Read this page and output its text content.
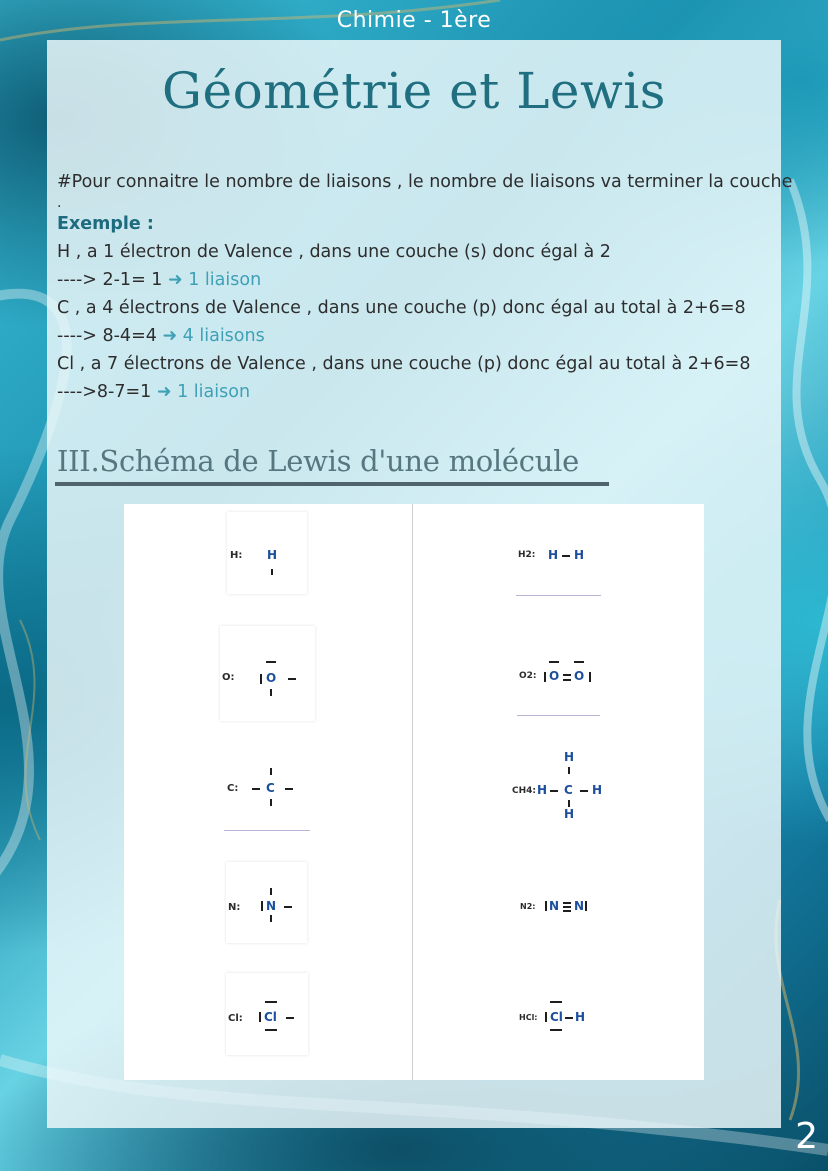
Chimie - 1ère
Géométrie et Lewis
#Pour connaitre le nombre de liaisons , le nombre de liaisons va terminer la couche
.
Exemple :
H , a 1 électron de Valence , dans une couche (s) donc égal à 2
----> 2-1= 1 ➜ 1 liaison
C , a 4 électrons de Valence , dans une couche (p) donc égal au total à 2+6=8
----> 8-4=4 ➜ 4 liaisons
Cl , a 7 électrons de Valence , dans une couche (p) donc égal au total à 2+6=8
---->8-7=1 ➜ 1 liaison
III.Schéma de Lewis d'une molécule
H: H
O:	O
C: C
N: N
Cl: Cl
H2: H H
O2: O O
H
CH4: H C H
H
N2: N N
HCl: Cl H
2
